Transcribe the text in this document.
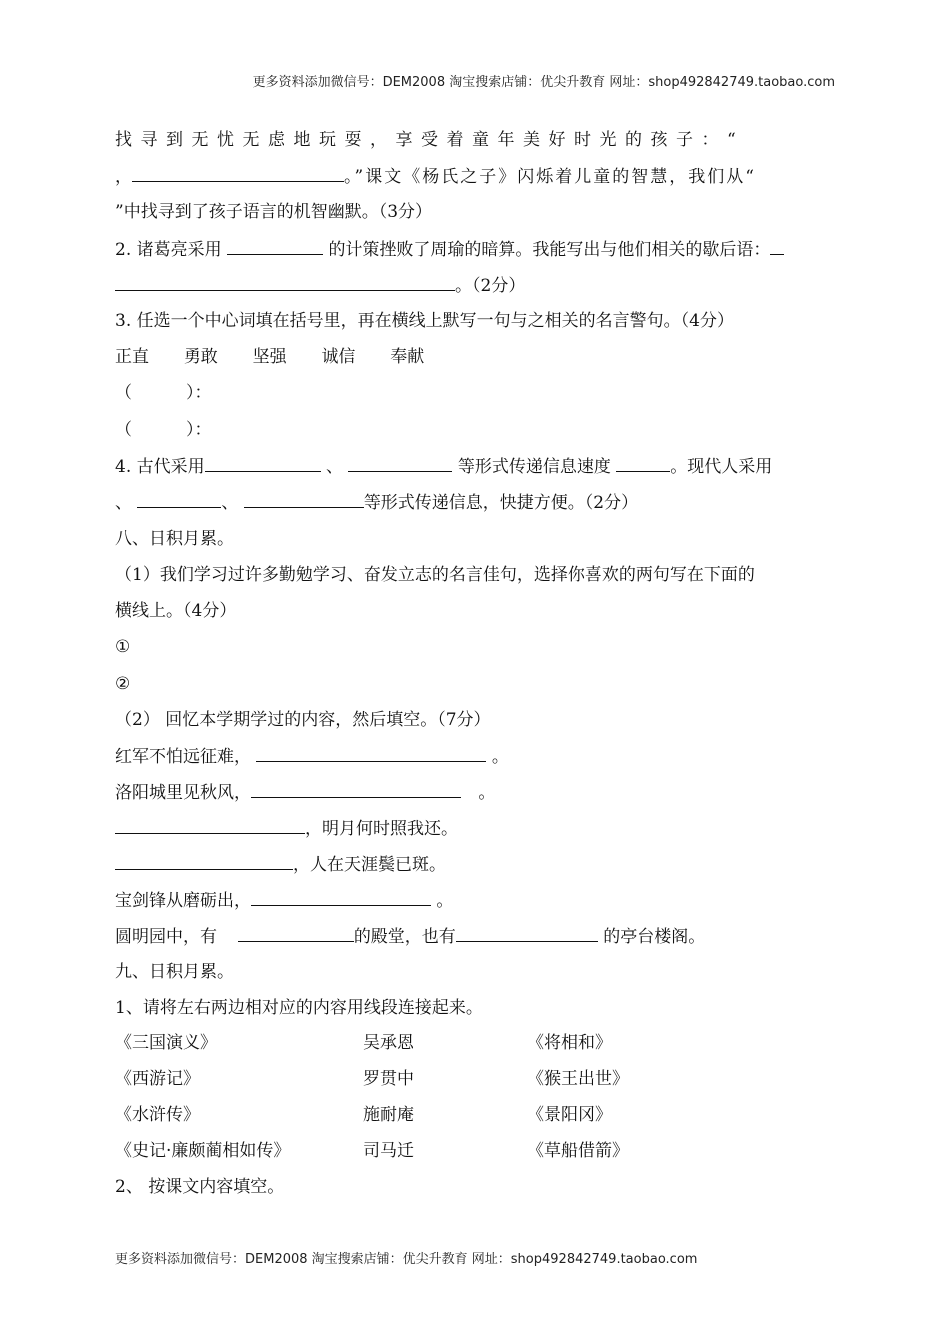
更多资料添加微信号：DEM2008 淘宝搜索店铺：优尖升教育 网址：shop492842749.taobao.com
找寻到无忧无虑地玩耍，享受着童年美好时光的孩子：“
，	。”课文《杨氏之子》闪烁着儿童的智慧，我们从“
”中找寻到了孩子语言的机智幽默。（3分）
2. 诸葛亮采用	的计策挫败了周瑜的暗算。我能写出与他们相关的歇后语：
。（2分）
3. 任选一个中心词填在括号里，再在横线上默写一句与之相关的名言警句。（4分）
正直 勇敢 坚强 诚信 奉献
（          ）：
（          ）：
4. 古代采用	、	等形式传递信息速度	。现代人采用
、	、	等形式传递信息，快捷方便。（2分）
八、日积月累。
（1）我们学习过许多勤勉学习、奋发立志的名言佳句，选择你喜欢的两句写在下面的
横线上。（4分）
①
②
（2） 回忆本学期学过的内容，然后填空。（7分）
红军不怕远征难，	。
洛阳城里见秋风，	。
，明月何时照我还。
，人在天涯鬓已斑。
宝剑锋从磨砺出，	。
圆明园中，有	的殿堂，也有	的亭台楼阁。
九、日积月累。
1、请将左右两边相对应的内容用线段连接起来。
《三国演义》	吴承恩	《将相和》
《西游记》	罗贯中	《猴王出世》
《水浒传》	施耐庵	《景阳冈》
《史记·廉颇蔺相如传》	司马迁	《草船借箭》
2、 按课文内容填空。
更多资料添加微信号：DEM2008 淘宝搜索店铺：优尖升教育 网址：shop492842749.taobao.com
